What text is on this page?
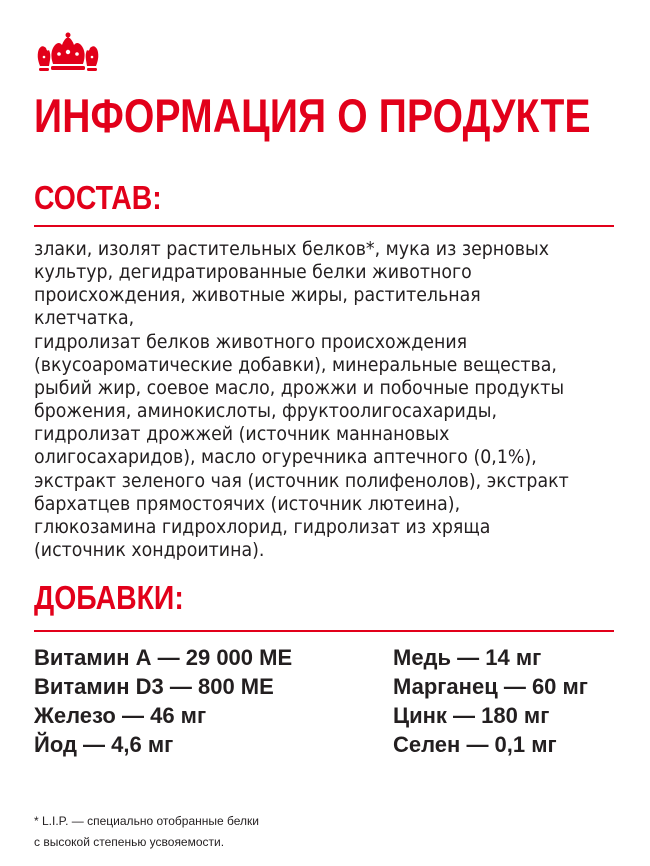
ИНФОРМАЦИЯ О ПРОДУКТЕ
СОСТАВ:

злаки, изолят растительных белков*, мука из зерновых
культур, дегидратированные белки животного
происхождения, животные жиры, растительная клетчатка,
гидролизат белков животного происхождения
(вкусоароматические добавки), минеральные вещества,
рыбий жир, соевое масло, дрожжи и побочные продукты
брожения, аминокислоты, фруктоолигосахариды,
гидролизат дрожжей (источник маннановых
олигосахаридов), масло огуречника аптечного (0,1%),
экстракт зеленого чая (источник полифенолов), экстракт
бархатцев прямостоячих (источник лютеина),
глюкозамина гидрохлорид, гидролизат из хряща
(источник хондроитина).

ДОБАВКИ:
Витамин А — 29 000 МЕ
Витамин D3 — 800 МЕ
Железо — 46 мг
Йод — 4,6 мг
Медь — 14 мг
Марганец — 60 мг
Цинк — 180 мг
Селен — 0,1 мг

* L.I.P. — специально отобранные белки
с высокой степенью усвояемости.
